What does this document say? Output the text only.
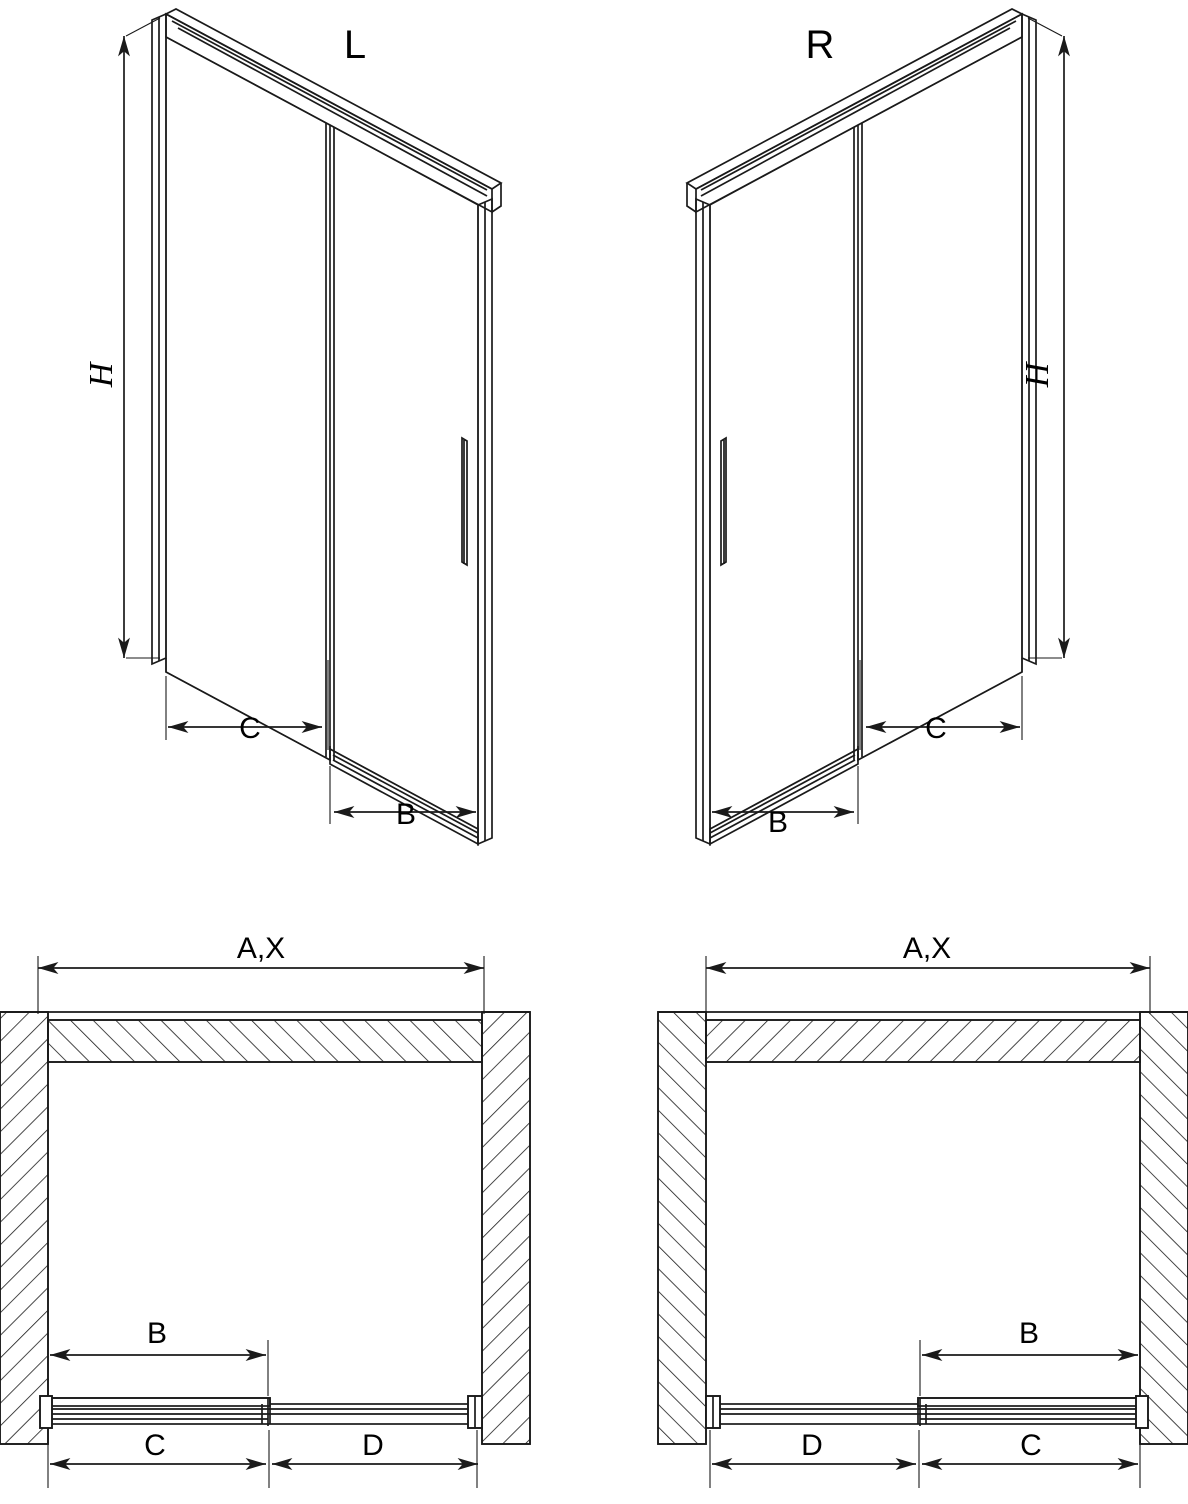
L	R
H
C
B
H
C
B
A,X
B
C	D
A,X
B
C
D
